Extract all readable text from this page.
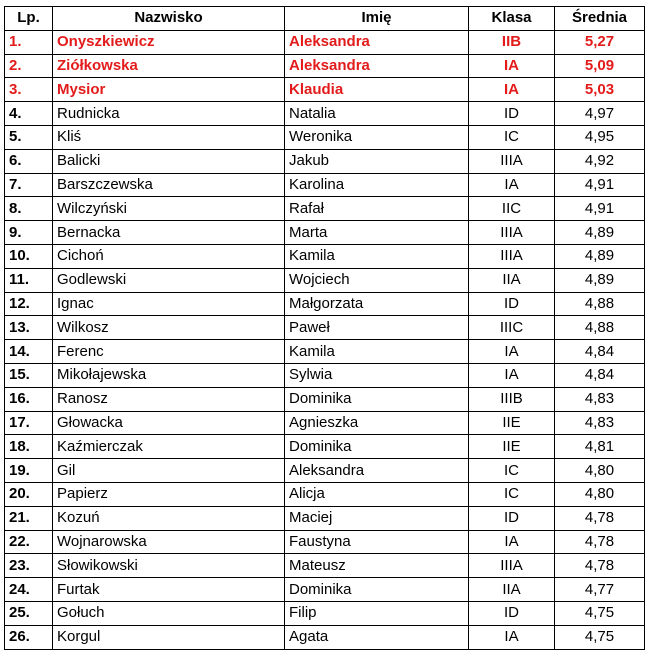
Lp.	Nazwisko	Imię	Klasa	Średnia
1.	Onyszkiewicz	Aleksandra	IIB	5,27
2.	Ziółkowska	Aleksandra	IA	5,09
3.	Mysior	Klaudia	IA	5,03
4.	Rudnicka	Natalia	ID	4,97
5.	Kliś	Weronika	IC	4,95
6.	Balicki	Jakub	IIIA	4,92
7.	Barszczewska	Karolina	IA	4,91
8.	Wilczyński	Rafał	IIC	4,91
9.	Bernacka	Marta	IIIA	4,89
10.	Cichoń	Kamila	IIIA	4,89
11.	Godlewski	Wojciech	IIA	4,89
12.	Ignac	Małgorzata	ID	4,88
13.	Wilkosz	Paweł	IIIC	4,88
14.	Ferenc	Kamila	IA	4,84
15.	Mikołajewska	Sylwia	IA	4,84
16.	Ranosz	Dominika	IIIB	4,83
17.	Głowacka	Agnieszka	IIE	4,83
18.	Kaźmierczak	Dominika	IIE	4,81
19.	Gil	Aleksandra	IC	4,80
20.	Papierz	Alicja	IC	4,80
21.	Kozuń	Maciej	ID	4,78
22.	Wojnarowska	Faustyna	IA	4,78
23.	Słowikowski	Mateusz	IIIA	4,78
24.	Furtak	Dominika	IIA	4,77
25.	Gołuch	Filip	ID	4,75
26.	Korgul	Agata	IA	4,75
